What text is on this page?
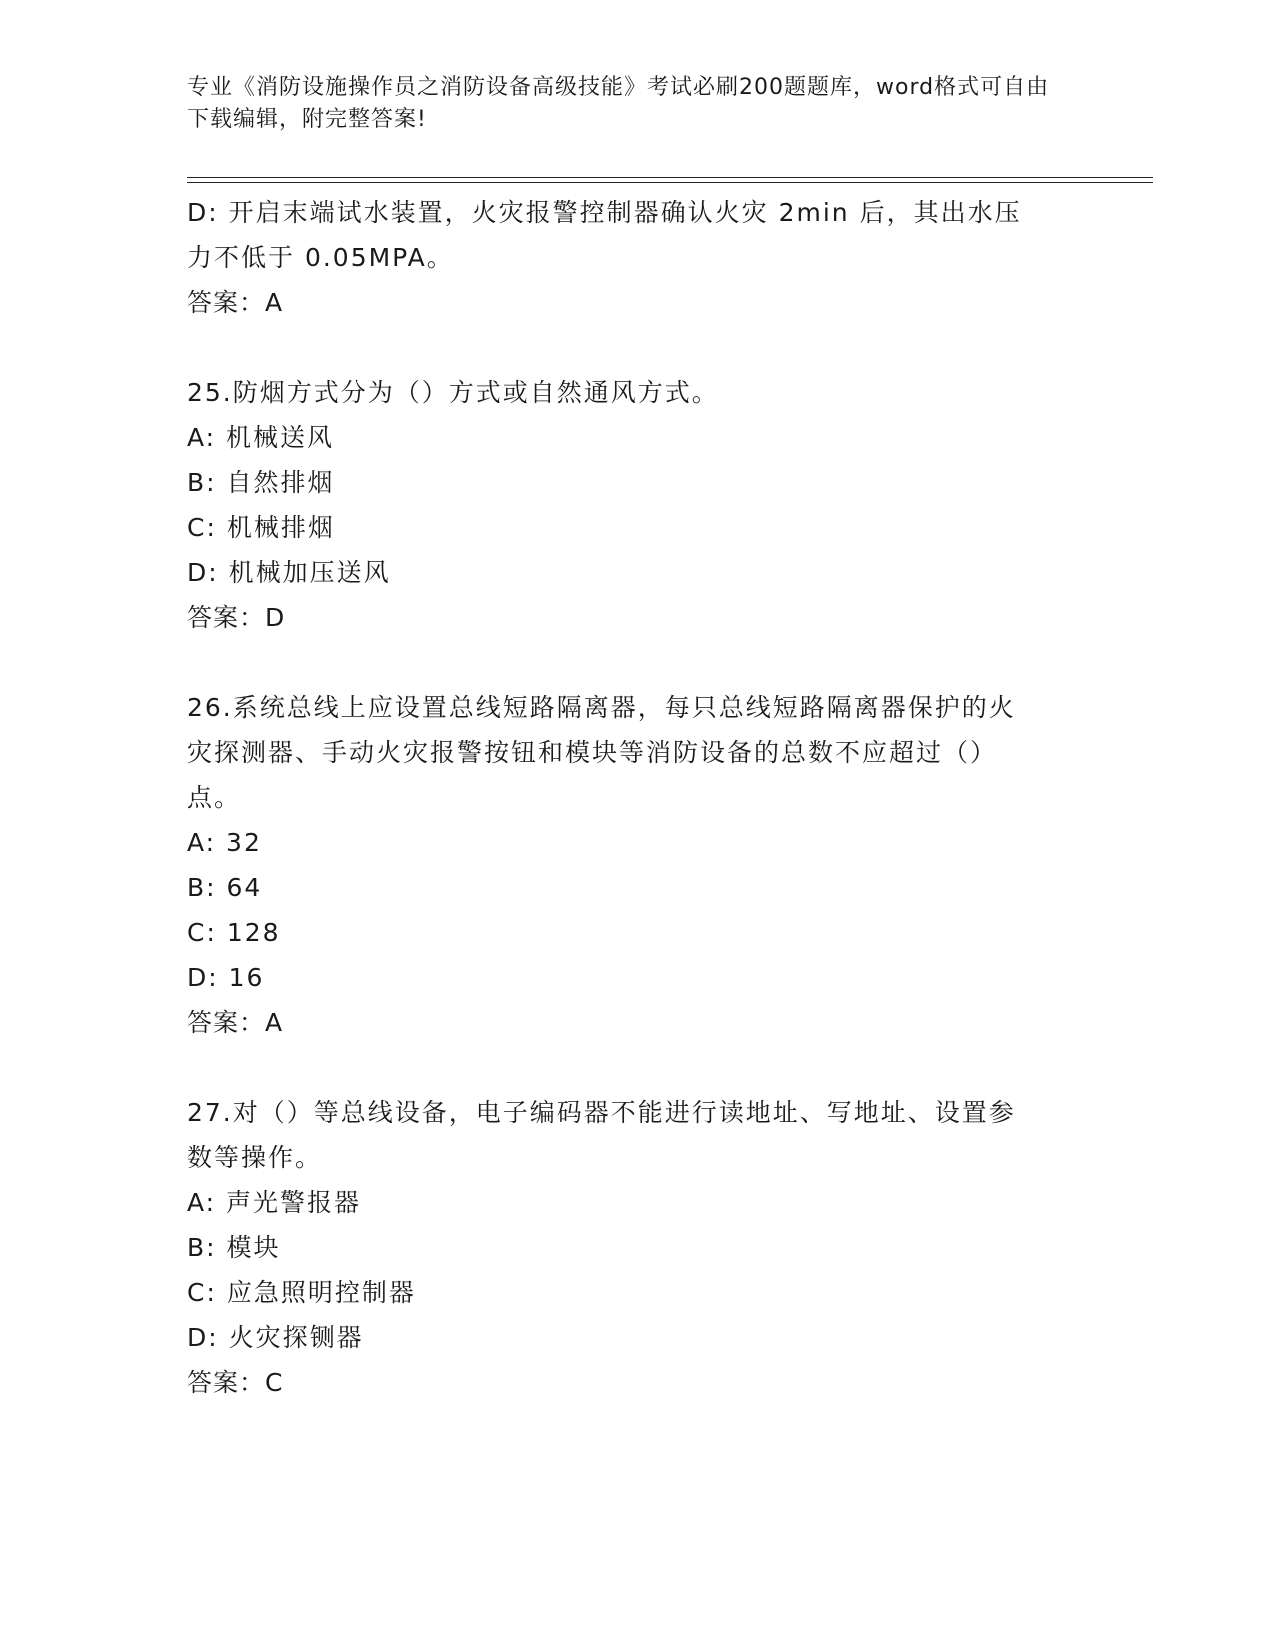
专业《消防设施操作员之消防设备高级技能》考试必刷200题题库，word格式可自由下载编辑，附完整答案!

D: 开启末端试水装置，火灾报警控制器确认火灾 2min 后，其出水压

力不低于 0.05MPA。

答案：A

25.防烟方式分为（）方式或自然通风方式。

A: 机械送风

B: 自然排烟

C: 机械排烟

D: 机械加压送风

答案：D

26.系统总线上应设置总线短路隔离器，每只总线短路隔离器保护的火

灾探测器、手动火灾报警按钮和模块等消防设备的总数不应超过（）

点。

A: 32

B: 64

C: 128

D: 16

答案：A

27.对（）等总线设备，电子编码器不能进行读地址、写地址、设置参

数等操作。

A: 声光警报器

B: 模块

C: 应急照明控制器

D: 火灾探铡器

答案：C
